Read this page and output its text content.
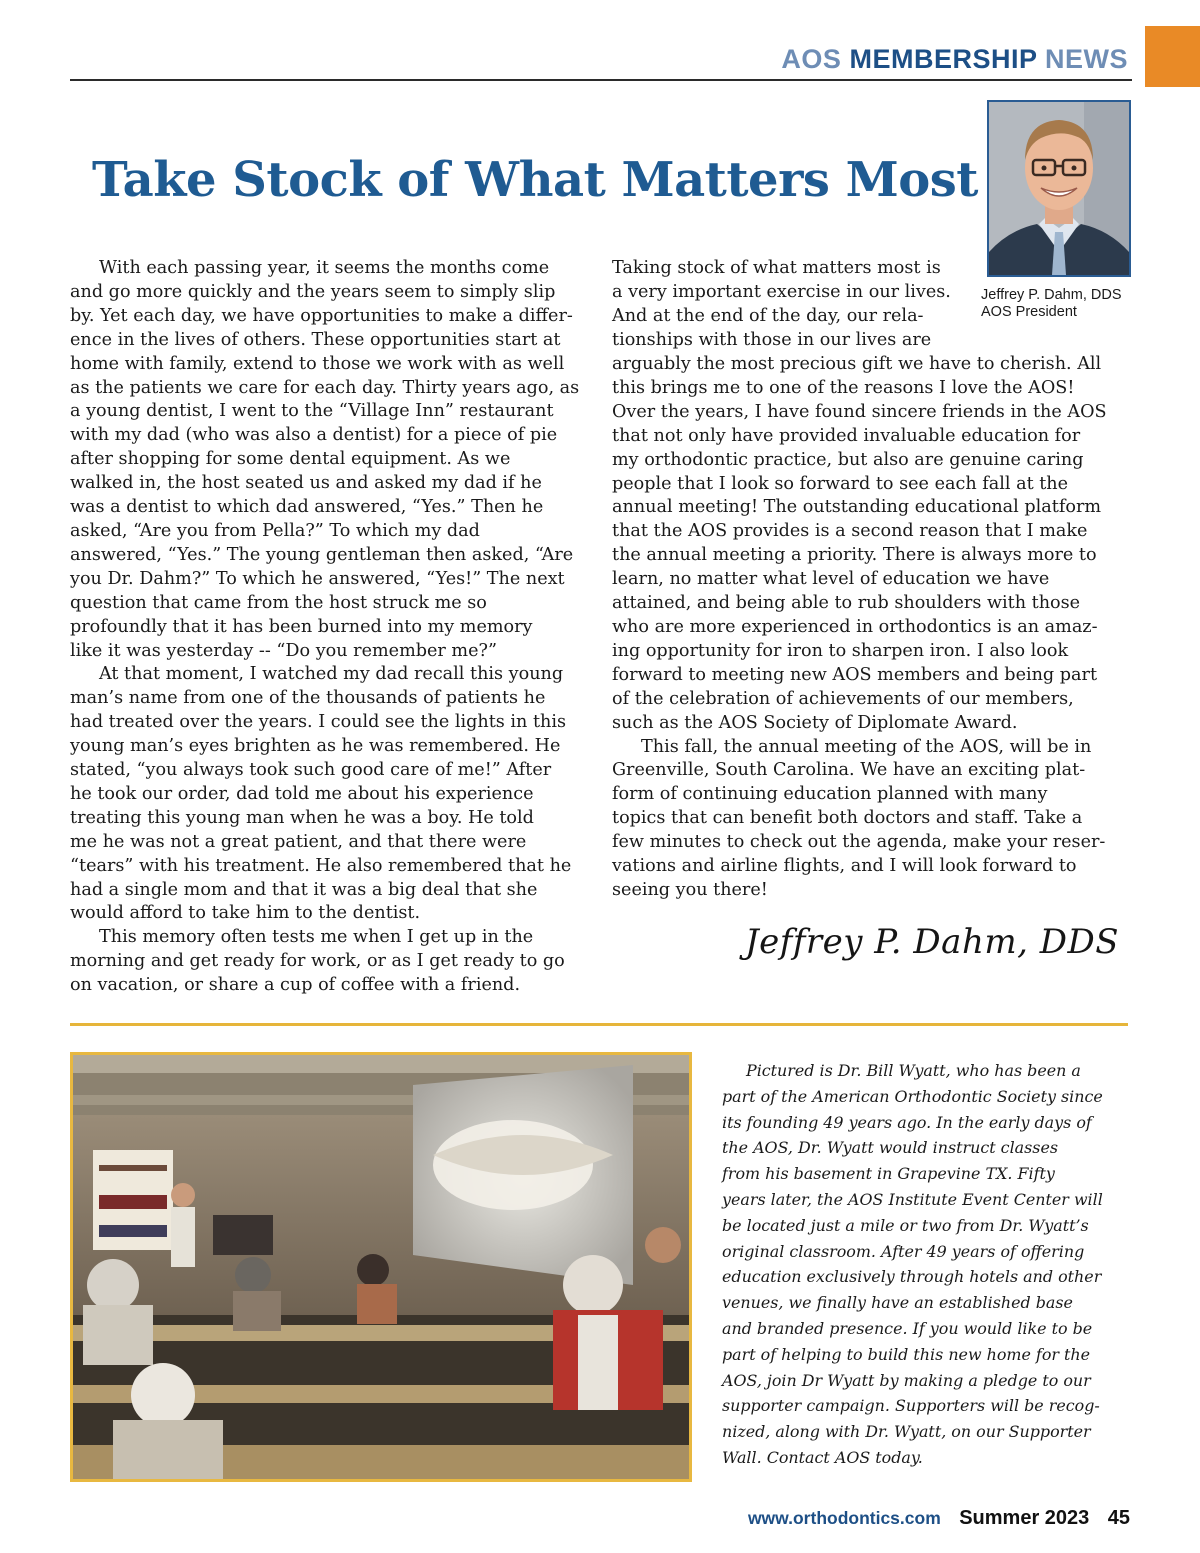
AOS MEMBERSHIP NEWS
Take Stock of What Matters Most
Jeffrey P. Dahm, DDS
AOS President
With each passing year, it seems the months come
and go more quickly and the years seem to simply slip
by. Yet each day, we have opportunities to make a differ-
ence in the lives of others. These opportunities start at
home with family, extend to those we work with as well
as the patients we care for each day. Thirty years ago, as
a young dentist, I went to the “Village Inn” restaurant
with my dad (who was also a dentist) for a piece of pie
after shopping for some dental equipment. As we
walked in, the host seated us and asked my dad if he
was a dentist to which dad answered, “Yes.” Then he
asked, “Are you from Pella?” To which my dad
answered, “Yes.” The young gentleman then asked, “Are
you Dr. Dahm?” To which he answered, “Yes!” The next
question that came from the host struck me so
profoundly that it has been burned into my memory
like it was yesterday -- “Do you remember me?”
At that moment, I watched my dad recall this young
man’s name from one of the thousands of patients he
had treated over the years. I could see the lights in this
young man’s eyes brighten as he was remembered. He
stated, “you always took such good care of me!” After
he took our order, dad told me about his experience
treating this young man when he was a boy. He told
me he was not a great patient, and that there were
“tears” with his treatment. He also remembered that he
had a single mom and that it was a big deal that she
would afford to take him to the dentist.
This memory often tests me when I get up in the
morning and get ready for work, or as I get ready to go
on vacation, or share a cup of coffee with a friend.
Taking stock of what matters most is
a very important exercise in our lives.
And at the end of the day, our rela-
tionships with those in our lives are
arguably the most precious gift we have to cherish. All
this brings me to one of the reasons I love the AOS!
Over the years, I have found sincere friends in the AOS
that not only have provided invaluable education for
my orthodontic practice, but also are genuine caring
people that I look so forward to see each fall at the
annual meeting! The outstanding educational platform
that the AOS provides is a second reason that I make
the annual meeting a priority. There is always more to
learn, no matter what level of education we have
attained, and being able to rub shoulders with those
who are more experienced in orthodontics is an amaz-
ing opportunity for iron to sharpen iron. I also look
forward to meeting new AOS members and being part
of the celebration of achievements of our members,
such as the AOS Society of Diplomate Award.
This fall, the annual meeting of the AOS, will be in
Greenville, South Carolina. We have an exciting plat-
form of continuing education planned with many
topics that can benefit both doctors and staff. Take a
few minutes to check out the agenda, make your reser-
vations and airline flights, and I will look forward to
seeing you there!
Jeffrey P. Dahm, DDS
Pictured is Dr. Bill Wyatt, who has been a
part of the American Orthodontic Society since
its founding 49 years ago. In the early days of
the AOS, Dr. Wyatt would instruct classes
from his basement in Grapevine TX. Fifty
years later, the AOS Institute Event Center will
be located just a mile or two from Dr. Wyatt’s
original classroom. After 49 years of offering
education exclusively through hotels and other
venues, we finally have an established base
and branded presence. If you would like to be
part of helping to build this new home for the
AOS, join Dr Wyatt by making a pledge to our
supporter campaign. Supporters will be recog-
nized, along with Dr. Wyatt, on our Supporter
Wall. Contact AOS today.
www.orthodontics.com Summer 2023 45
